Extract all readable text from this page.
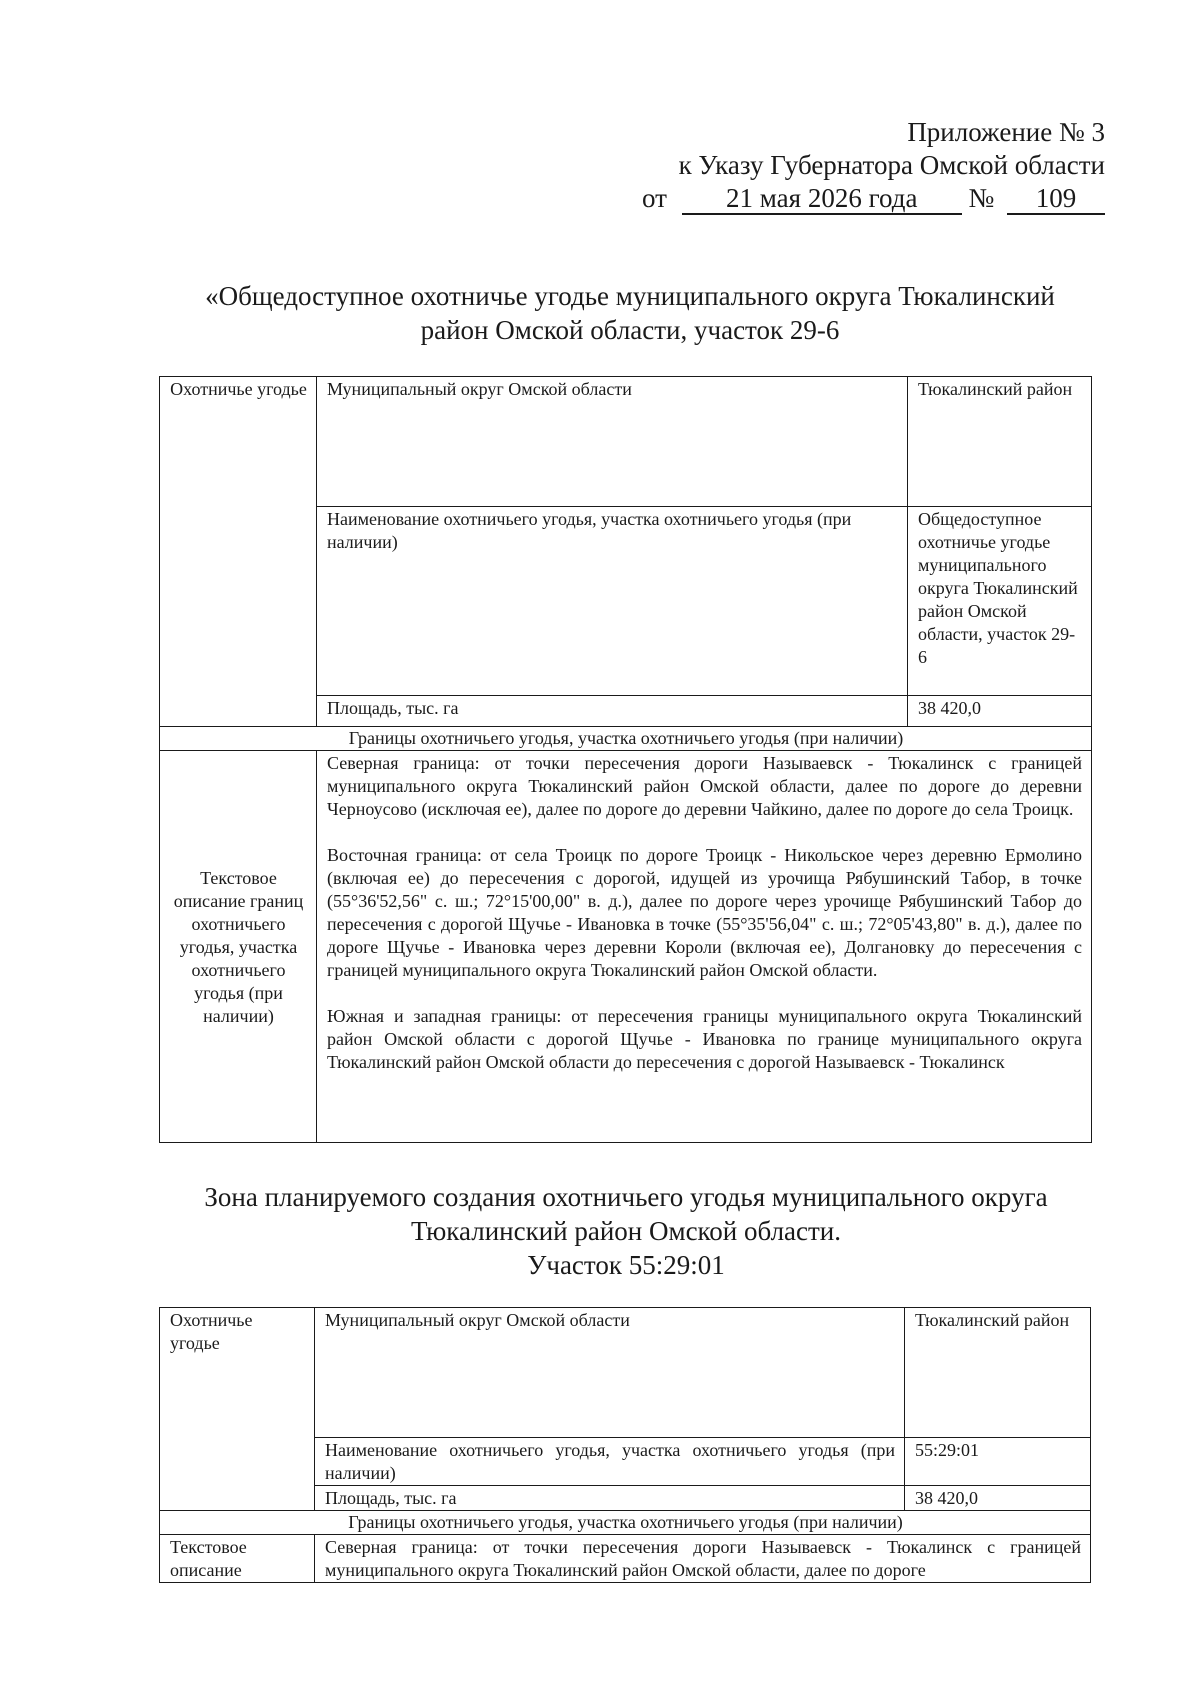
Приложение № 3
к Указу Губернатора Омской области
от 21 мая 2026 года № 109
«Общедоступное охотничье угодье муниципального округа Тюкалинский
район Омской области, участок 29-6
Охотничье угодье	Муниципальный округ Омской области	Тюкалинский район
	Наименование охотничьего угодья, участка охотничьего угодья (при наличии)	Общедоступное охотничье угодье муниципального округа Тюкалинский район Омской области, участок 29-6
	Площадь, тыс. га	38 420,0
Границы охотничьего угодья, участка охотничьего угодья (при наличии)		
Текстовое описание границ охотничьего угодья, участка охотничьего угодья (при наличии)	Северная граница: от точки пересечения дороги Называевск - Тюкалинск с границей муниципального округа Тюкалинский район Омской области, далее по дороге до деревни Черноусово (исключая ее), далее по дороге до деревни Чайкино, далее по дороге до села Троицк.

Восточная граница: от села Троицк по дороге Троицк - Никольское через деревню Ермолино (включая ее) до пересечения с дорогой, идущей из урочища Рябушинский Табор, в точке (55°36'52,56" с. ш.; 72°15'00,00" в. д.), далее по дороге через урочище Рябушинский Табор до пересечения с дорогой Щучье - Ивановка в точке (55°35'56,04" с. ш.; 72°05'43,80" в. д.), далее по дороге Щучье - Ивановка через деревни Короли (включая ее), Долгановку до пересечения с границей муниципального округа Тюкалинский район Омской области.

Южная и западная границы: от пересечения границы муниципального округа Тюкалинский район Омской области с дорогой Щучье - Ивановка по границе муниципального округа Тюкалинский район Омской области до пересечения с дорогой Называевск - Тюкалинск	

Зона планируемого создания охотничьего угодья муниципального округа
Тюкалинский район Омской области.
Участок 55:29:01
Охотничье угодье	Муниципальный округ Омской области	Тюкалинский район
	Наименование охотничьего угодья, участка охотничьего угодья (при наличии)	55:29:01
	Площадь, тыс. га	38 420,0
Границы охотничьего угодья, участка охотничьего угодья (при наличии)		
Текстовое описание	Северная граница: от точки пересечения дороги Называевск - Тюкалинск с границей муниципального округа Тюкалинский район Омской области, далее по дороге	
